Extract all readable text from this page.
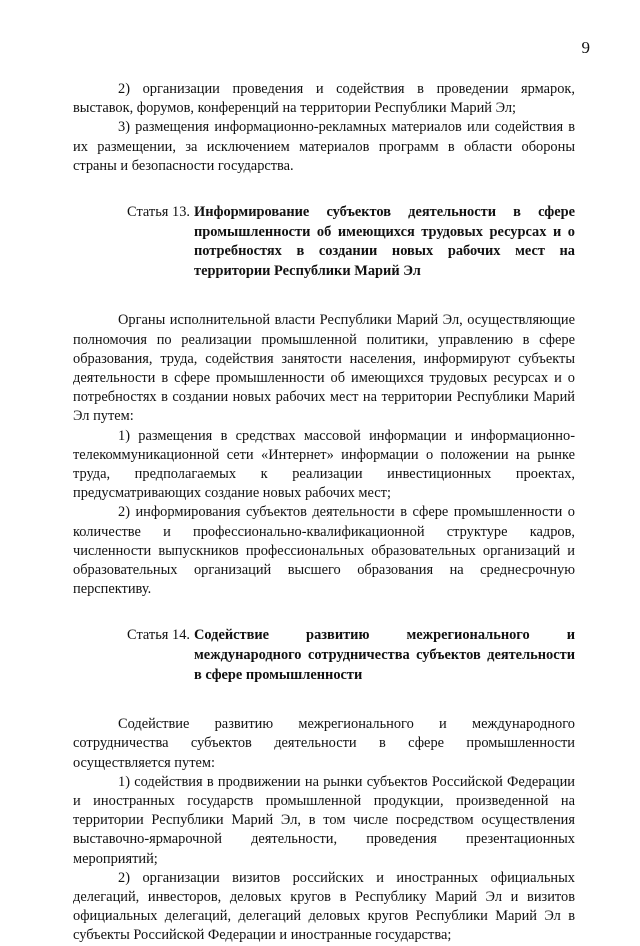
9

2) организации проведения и содействия в проведении ярмарок, выставок, форумов, конференций на территории Республики Марий Эл;

3) размещения информационно-рекламных материалов или содействия в их размещении, за исключением материалов программ в области обороны страны и безопасности государства.

Статья 13. Информирование субъектов деятельности в сфере промышленности об имеющихся трудовых ресурсах и о потребностях в создании новых рабочих мест на территории Республики Марий Эл

Органы исполнительной власти Республики Марий Эл, осуществляющие полномочия по реализации промышленной политики, управлению в сфере образования, труда, содействия занятости населения, информируют субъекты деятельности в сфере промышленности об имеющихся трудовых ресурсах и о потребностях в создании новых рабочих мест на территории Республики Марий Эл путем:

1) размещения в средствах массовой информации и информационно-телекоммуникационной сети «Интернет» информации о положении на рынке труда, предполагаемых к реализации инвестиционных проектах, предусматривающих создание новых рабочих мест;

2) информирования субъектов деятельности в сфере промышленности о количестве и профессионально-квалификационной структуре кадров, численности выпускников профессиональных образовательных организаций и образовательных организаций высшего образования на среднесрочную перспективу.

Статья 14. Содействие развитию межрегионального и международного сотрудничества субъектов деятельности в сфере промышленности

Содействие развитию межрегионального и международного сотрудничества субъектов деятельности в сфере промышленности осуществляется путем:

1) содействия в продвижении на рынки субъектов Российской Федерации и иностранных государств промышленной продукции, произведенной на территории Республики Марий Эл, в том числе посредством осуществления выставочно-ярмарочной деятельности, проведения презентационных мероприятий;

2) организации визитов российских и иностранных официальных делегаций, инвесторов, деловых кругов в Республику Марий Эл и визитов официальных делегаций, делегаций деловых кругов Республики Марий Эл в субъекты Российской Федерации и иностранные государства;
